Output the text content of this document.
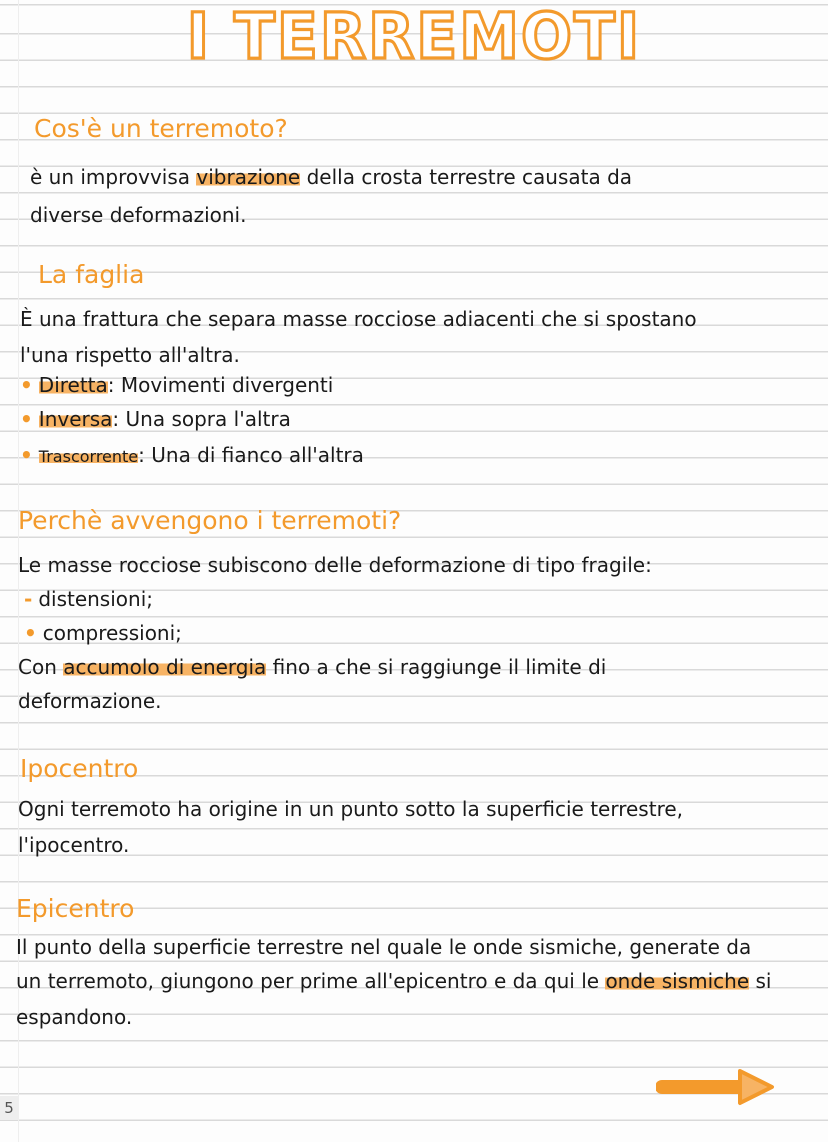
I TERREMOTI
Cos'è un terremoto?
è un improvvisa vibrazione della crosta terrestre causata da
diverse deformazioni.
La faglia
È una frattura che separa masse rocciose adiacenti che si spostano
l'una rispetto all'altra.
• Diretta: Movimenti divergenti
• Inversa: Una sopra l'altra
• Trascorrente: Una di fianco all'altra
Perchè avvengono i terremoti?
Le masse rocciose subiscono delle deformazione di tipo fragile:
- distensioni;
• compressioni;
Con accumolo di energia fino a che si raggiunge il limite di
deformazione.
Ipocentro
Ogni terremoto ha origine in un punto sotto la superficie terrestre,
l'ipocentro.
Epicentro
Il punto della superficie terrestre nel quale le onde sismiche, generate da
un terremoto, giungono per prime all'epicentro e da qui le onde sismiche si
espandono.
5
